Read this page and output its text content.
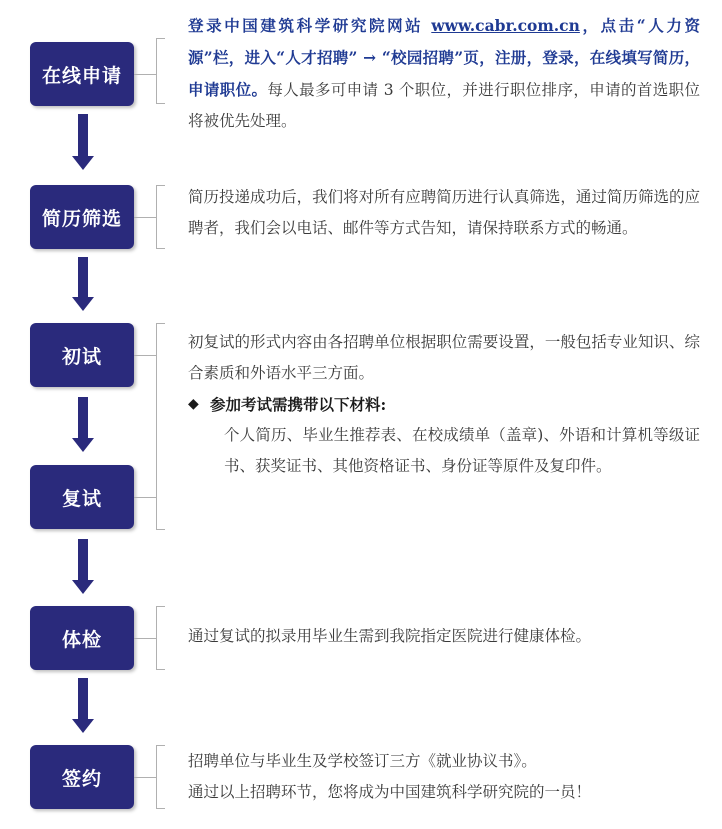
在线申请
简历筛选
初试
复试
体检
签约
登录中国建筑科学研究院网站 www.cabr.com.cn，点击“人力资源”栏，进入“人才招聘” → “校园招聘”页，注册，登录，在线填写简历，申请职位。每人最多可申请 3 个职位，并进行职位排序，申请的首选职位将被优先处理。
简历投递成功后，我们将对所有应聘简历进行认真筛选，通过简历筛选的应聘者，我们会以电话、邮件等方式告知，请保持联系方式的畅通。
初复试的形式内容由各招聘单位根据职位需要设置，一般包括专业知识、综合素质和外语水平三方面。
◆ 参加考试需携带以下材料:
个人简历、毕业生推荐表、在校成绩单（盖章)、外语和计算机等级证书、获奖证书、其他资格证书、身份证等原件及复印件。
通过复试的拟录用毕业生需到我院指定医院进行健康体检。
招聘单位与毕业生及学校签订三方《就业协议书》。
通过以上招聘环节，您将成为中国建筑科学研究院的一员！
